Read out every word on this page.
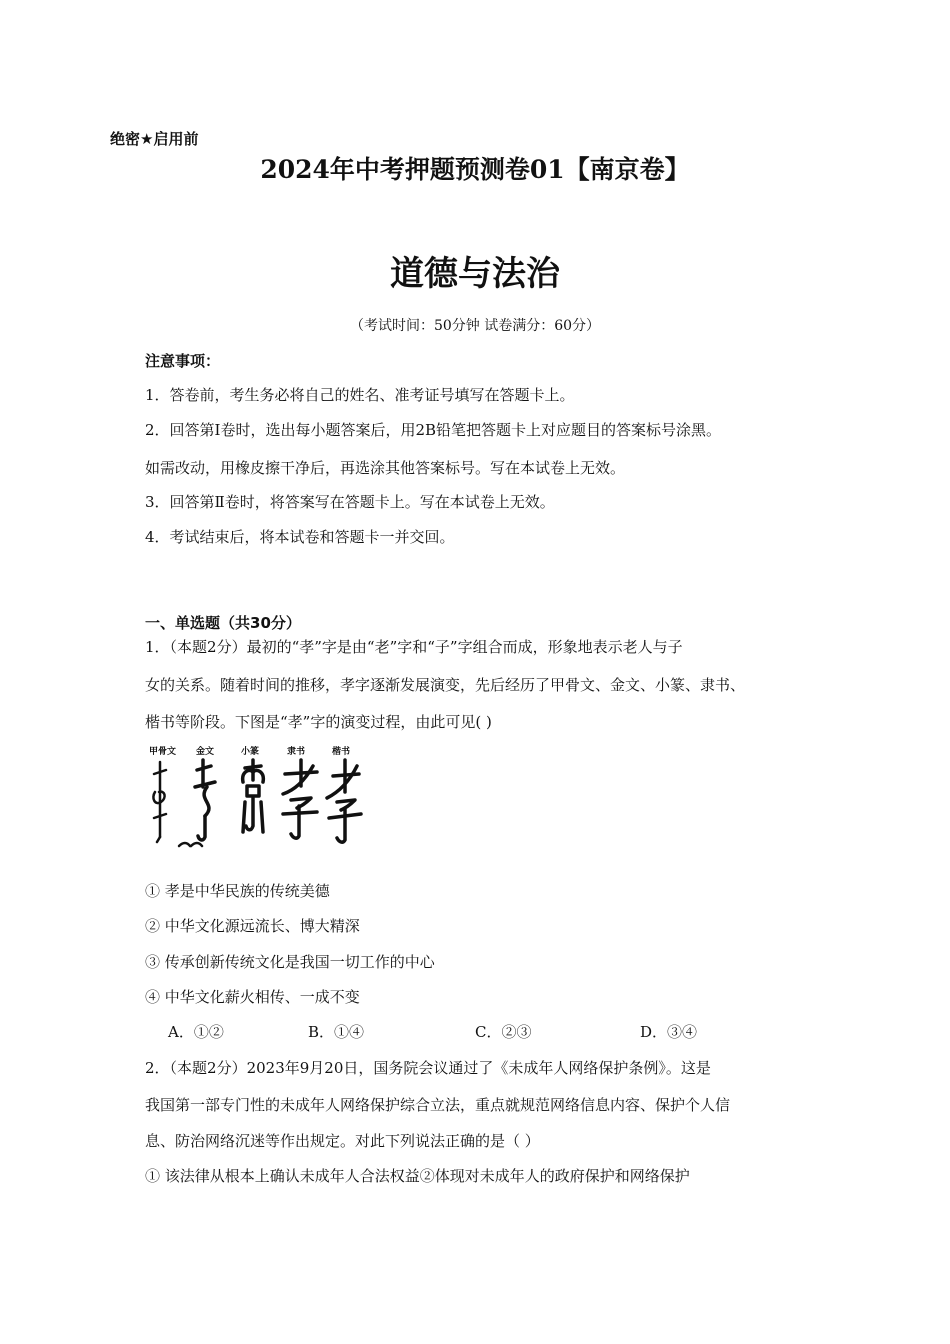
绝密★启用前
2024年中考押题预测卷01【南京卷】
道德与法治
（考试时间：50分钟 试卷满分：60分）
注意事项：
1．答卷前，考生务必将自己的姓名、准考证号填写在答题卡上。
2．回答第Ⅰ卷时，选出每小题答案后，用2B铅笔把答题卡上对应题目的答案标号涂黑。
如需改动，用橡皮擦干净后，再选涂其他答案标号。写在本试卷上无效。
3．回答第Ⅱ卷时，将答案写在答题卡上。写在本试卷上无效。
4．考试结束后，将本试卷和答题卡一并交回。
一、单选题（共30分）
1．（本题2分）最初的“孝”字是由“老”字和“子”字组合而成，形象地表示老人与子
女的关系。随着时间的推移，孝字逐渐发展演变，先后经历了甲骨文、金文、小篆、隶书、
楷书等阶段。下图是“孝”字的演变过程，由此可见( )
甲骨文 金文	小篆	隶书	楷书
① 孝是中华民族的传统美德
② 中华文化源远流长、博大精深
③ 传承创新传统文化是我国一切工作的中心
④ 中华文化薪火相传、一成不变
A．①②	B．①④	C．②③	D．③④
2．（本题2分）2023年9月20日，国务院会议通过了《未成年人网络保护条例》。这是
我国第一部专门性的未成年人网络保护综合立法，重点就规范网络信息内容、保护个人信
息、防治网络沉迷等作出规定。对此下列说法正确的是（ ）
① 该法律从根本上确认未成年人合法权益②体现对未成年人的政府保护和网络保护
